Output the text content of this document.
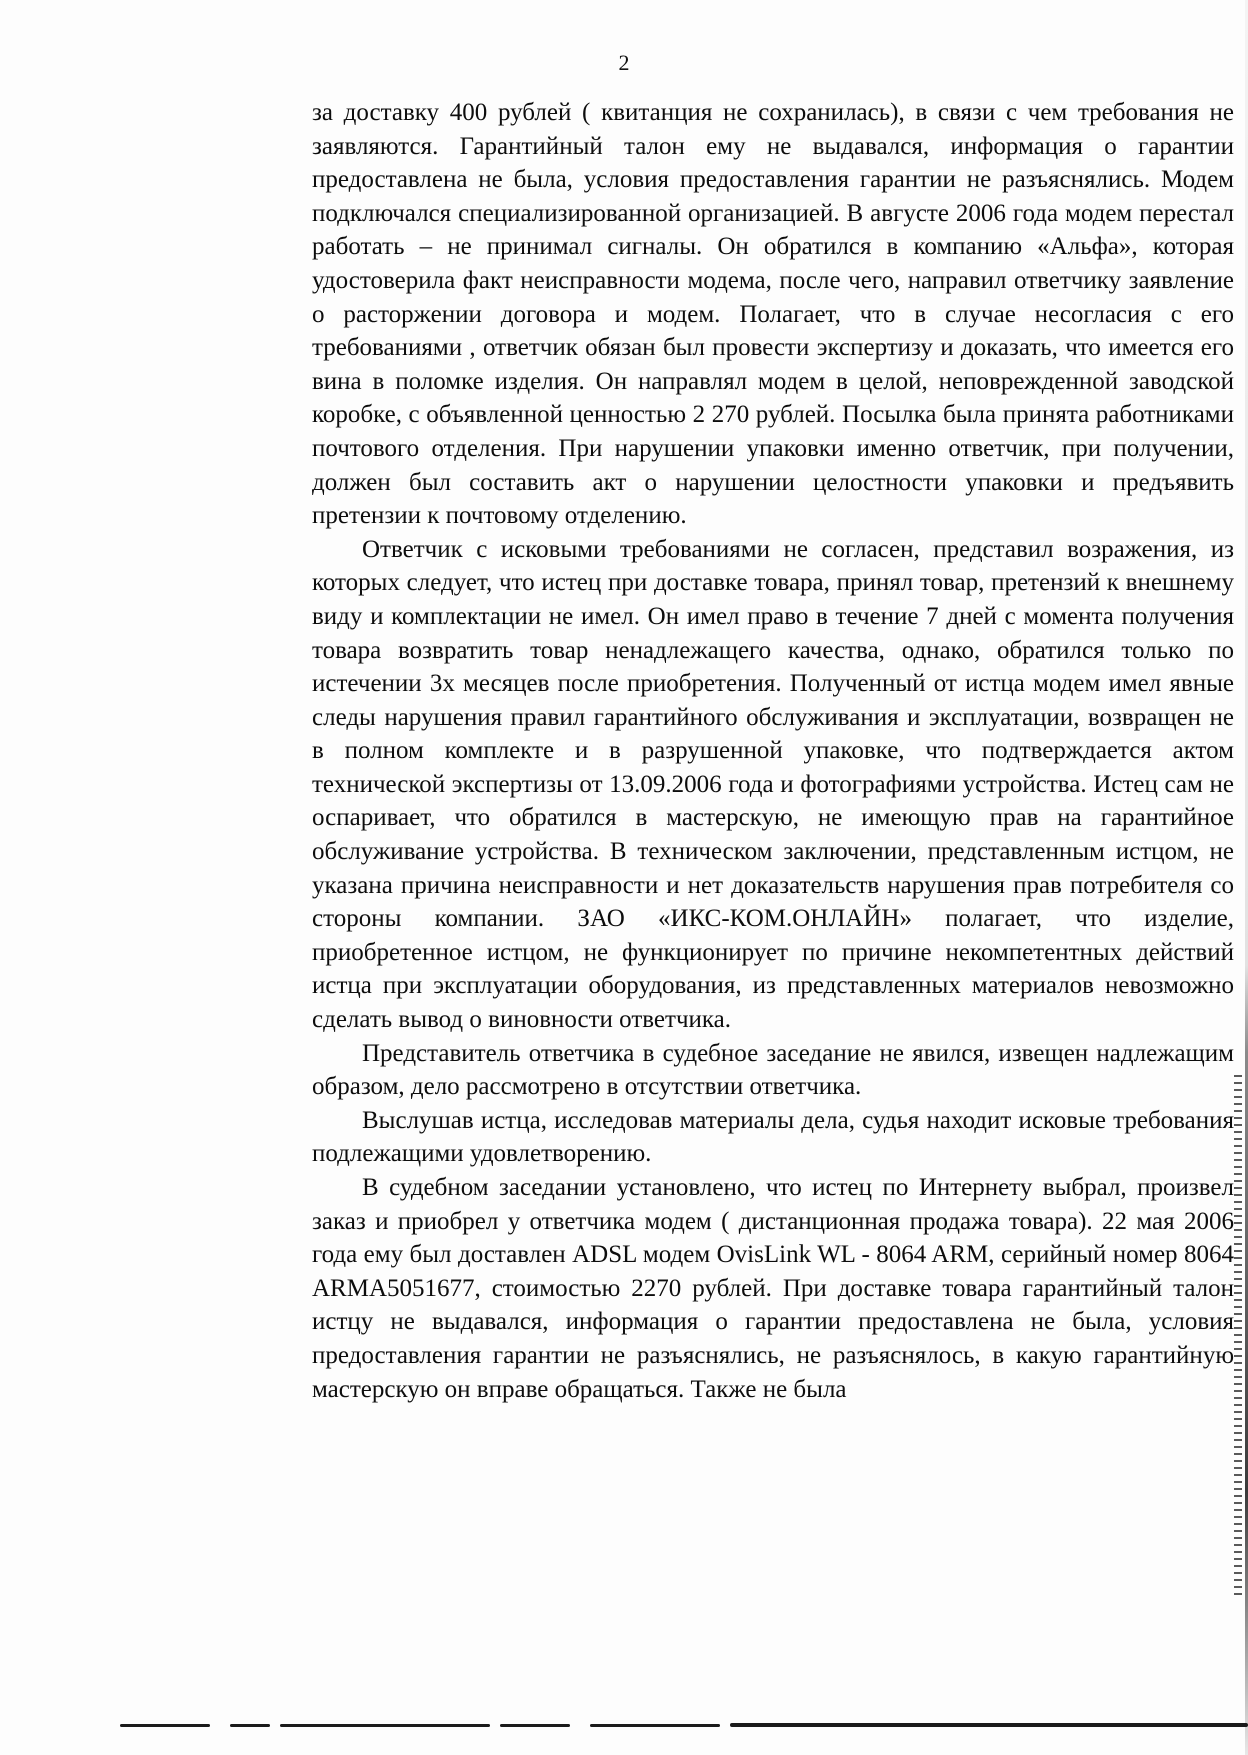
2

за доставку 400 рублей ( квитанция не сохранилась), в связи с чем требования не заявляются. Гарантийный талон ему не выдавался, информация о гарантии предоставлена не была, условия предоставления гарантии не разъяснялись. Модем подключался специализированной организацией. В августе 2006 года модем перестал работать – не принимал сигналы. Он обратился в компанию «Альфа», которая удостоверила факт неисправности модема, после чего, направил ответчику заявление о расторжении договора и модем. Полагает, что в случае несогласия с его требованиями , ответчик обязан был провести экспертизу и доказать, что имеется его вина в поломке изделия. Он направлял модем в целой, неповрежденной заводской коробке, с объявленной ценностью 2 270 рублей. Посылка была принята работниками почтового отделения. При нарушении упаковки именно ответчик, при получении, должен был составить акт о нарушении целостности упаковки и предъявить претензии к почтовому отделению.

Ответчик с исковыми требованиями не согласен, представил возражения, из которых следует, что истец при доставке товара, принял товар, претензий к внешнему виду и комплектации не имел. Он имел право в течение 7 дней с момента получения товара возвратить товар ненадлежащего качества, однако, обратился только по истечении 3х месяцев после приобретения. Полученный от истца модем имел явные следы нарушения правил гарантийного обслуживания и эксплуатации, возвращен не в полном комплекте и в разрушенной упаковке, что подтверждается актом технической экспертизы от 13.09.2006 года и фотографиями устройства. Истец сам не оспаривает, что обратился в мастерскую, не имеющую прав на гарантийное обслуживание устройства. В техническом заключении, представленным истцом, не указана причина неисправности и нет доказательств нарушения прав потребителя со стороны компании. ЗАО «ИКС-КОМ.ОНЛАЙН» полагает, что изделие, приобретенное истцом, не функционирует по причине некомпетентных действий истца при эксплуатации оборудования, из представленных материалов невозможно сделать вывод о виновности ответчика.

Представитель ответчика в судебное заседание не явился, извещен надлежащим образом, дело рассмотрено в отсутствии ответчика.

Выслушав истца, исследовав материалы дела, судья находит исковые требования подлежащими удовлетворению.

В судебном заседании установлено, что истец по Интернету выбрал, произвел заказ и приобрел у ответчика модем ( дистанционная продажа товара). 22 мая 2006 года ему был доставлен ADSL модем OvisLink WL - 8064 ARM, серийный номер 8064 ARMA5051677, стоимостью 2270 рублей. При доставке товара гарантийный талон истцу не выдавался, информация о гарантии предоставлена не была, условия предоставления гарантии не разъяснялись, не разъяснялось, в какую гарантийную мастерскую он вправе обращаться. Также не была
